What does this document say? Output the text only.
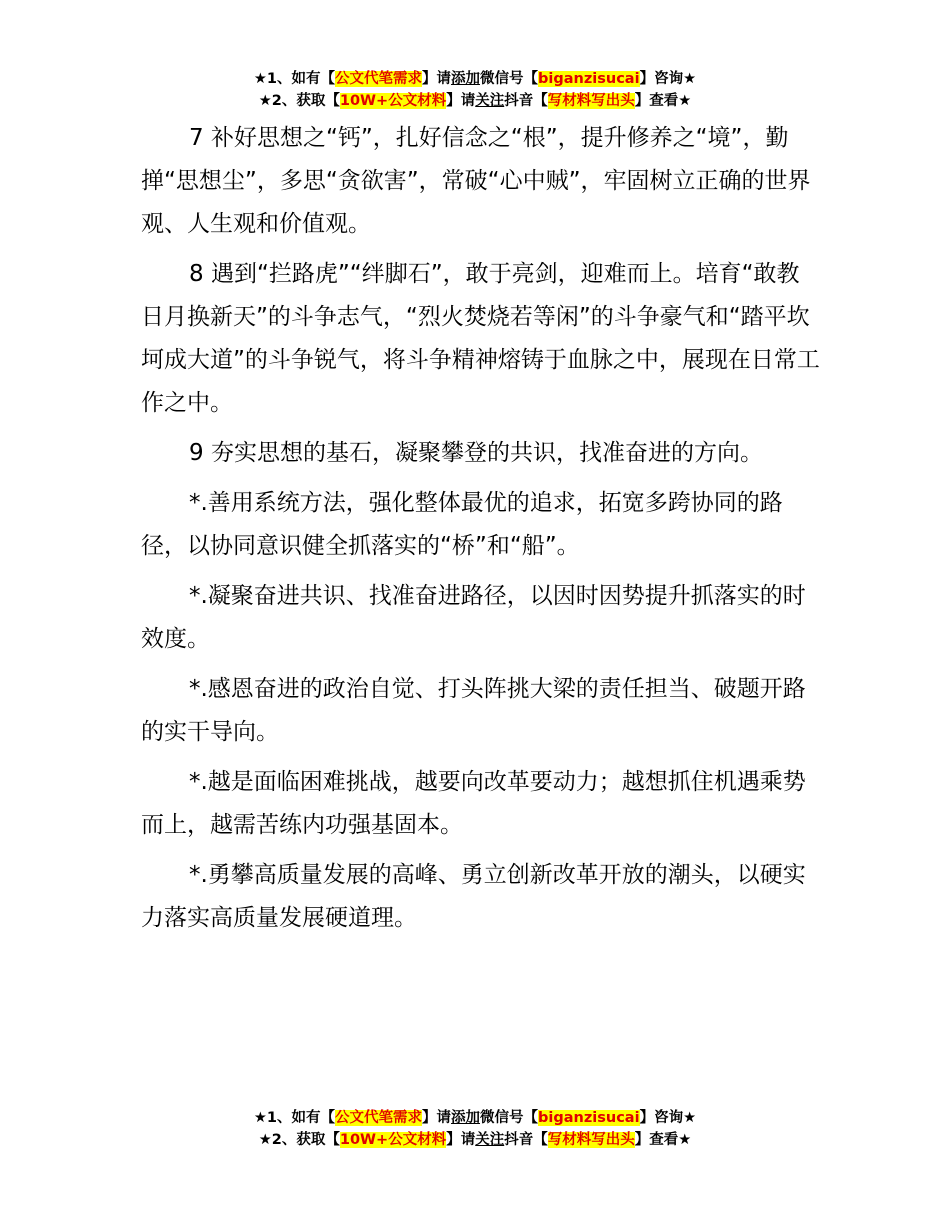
★1、如有【公文代笔需求】请添加微信号【biganzisucai】咨询★
★2、获取【10W+公文材料】请关注抖音【写材料写出头】查看★

7 补好思想之“钙”，扎好信念之“根”，提升修养之“境”，勤掸“思想尘”，多思“贪欲害”，常破“心中贼”，牢固树立正确的世界观、人生观和价值观。

8 遇到“拦路虎”“绊脚石”，敢于亮剑，迎难而上。培育“敢教日月换新天”的斗争志气，“烈火焚烧若等闲”的斗争豪气和“踏平坎坷成大道”的斗争锐气，将斗争精神熔铸于血脉之中，展现在日常工作之中。

9 夯实思想的基石，凝聚攀登的共识，找准奋进的方向。

*.善用系统方法，强化整体最优的追求，拓宽多跨协同的路径，以协同意识健全抓落实的“桥”和“船”。

*.凝聚奋进共识、找准奋进路径，以因时因势提升抓落实的时效度。

*.感恩奋进的政治自觉、打头阵挑大梁的责任担当、破题开路的实干导向。

*.越是面临困难挑战，越要向改革要动力；越想抓住机遇乘势而上，越需苦练内功强基固本。

*.勇攀高质量发展的高峰、勇立创新改革开放的潮头，以硬实力落实高质量发展硬道理。

★1、如有【公文代笔需求】请添加微信号【biganzisucai】咨询★
★2、获取【10W+公文材料】请关注抖音【写材料写出头】查看★
